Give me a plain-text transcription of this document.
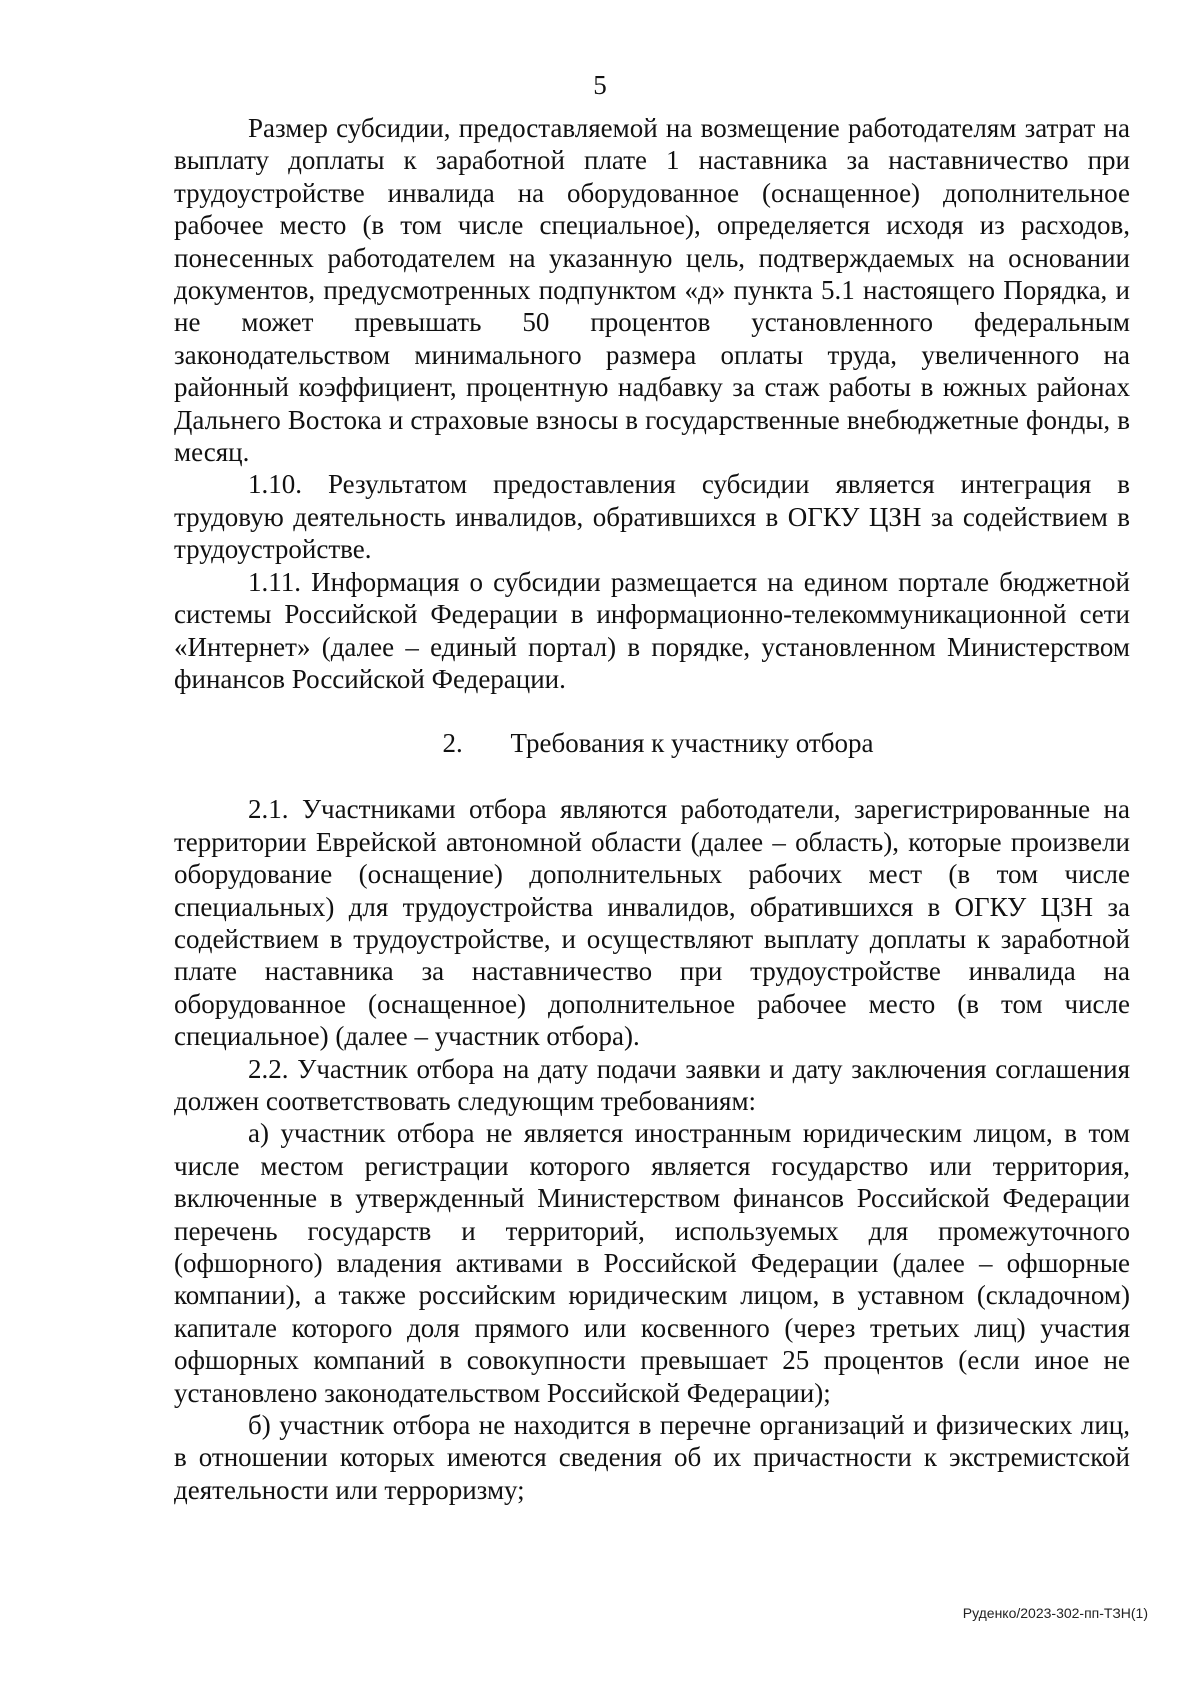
5

Размер субсидии, предоставляемой на возмещение работодателям затрат на выплату доплаты к заработной плате 1 наставника за наставничество при трудоустройстве инвалида на оборудованное (оснащенное) дополнительное рабочее место (в том числе специальное), определяется исходя из расходов, понесенных работодателем на указанную цель, подтверждаемых на основании документов, предусмотренных подпунктом «д» пункта 5.1 настоящего Порядка, и не может превышать 50 процентов установленного федеральным законодательством минимального размера оплаты труда, увеличенного на районный коэффициент, процентную надбавку за стаж работы в южных районах Дальнего Востока и страховые взносы в государственные внебюджетные фонды, в месяц.

1.10. Результатом предоставления субсидии является интеграция в трудовую деятельность инвалидов, обратившихся в ОГКУ ЦЗН за содействием в трудоустройстве.

1.11. Информация о субсидии размещается на едином портале бюджетной системы Российской Федерации в информационно-телекоммуникационной сети «Интернет» (далее – единый портал) в порядке, установленном Министерством финансов Российской Федерации.

2. Требования к участнику отбора

2.1. Участниками отбора являются работодатели, зарегистрированные на территории Еврейской автономной области (далее – область), которые произвели оборудование (оснащение) дополнительных рабочих мест (в том числе специальных) для трудоустройства инвалидов, обратившихся в ОГКУ ЦЗН за содействием в трудоустройстве, и осуществляют выплату доплаты к заработной плате наставника за наставничество при трудоустройстве инвалида на оборудованное (оснащенное) дополнительное рабочее место (в том числе специальное) (далее – участник отбора).

2.2. Участник отбора на дату подачи заявки и дату заключения соглашения должен соответствовать следующим требованиям:

а) участник отбора не является иностранным юридическим лицом, в том числе местом регистрации которого является государство или территория, включенные в утвержденный Министерством финансов Российской Федерации перечень государств и территорий, используемых для промежуточного (офшорного) владения активами в Российской Федерации (далее – офшорные компании), а также российским юридическим лицом, в уставном (складочном) капитале которого доля прямого или косвенного (через третьих лиц) участия офшорных компаний в совокупности превышает 25 процентов (если иное не установлено законодательством Российской Федерации);

б) участник отбора не находится в перечне организаций и физических лиц, в отношении которых имеются сведения об их причастности к экстремистской деятельности или терроризму;

Руденко/2023-302-пп-ТЗН(1)
